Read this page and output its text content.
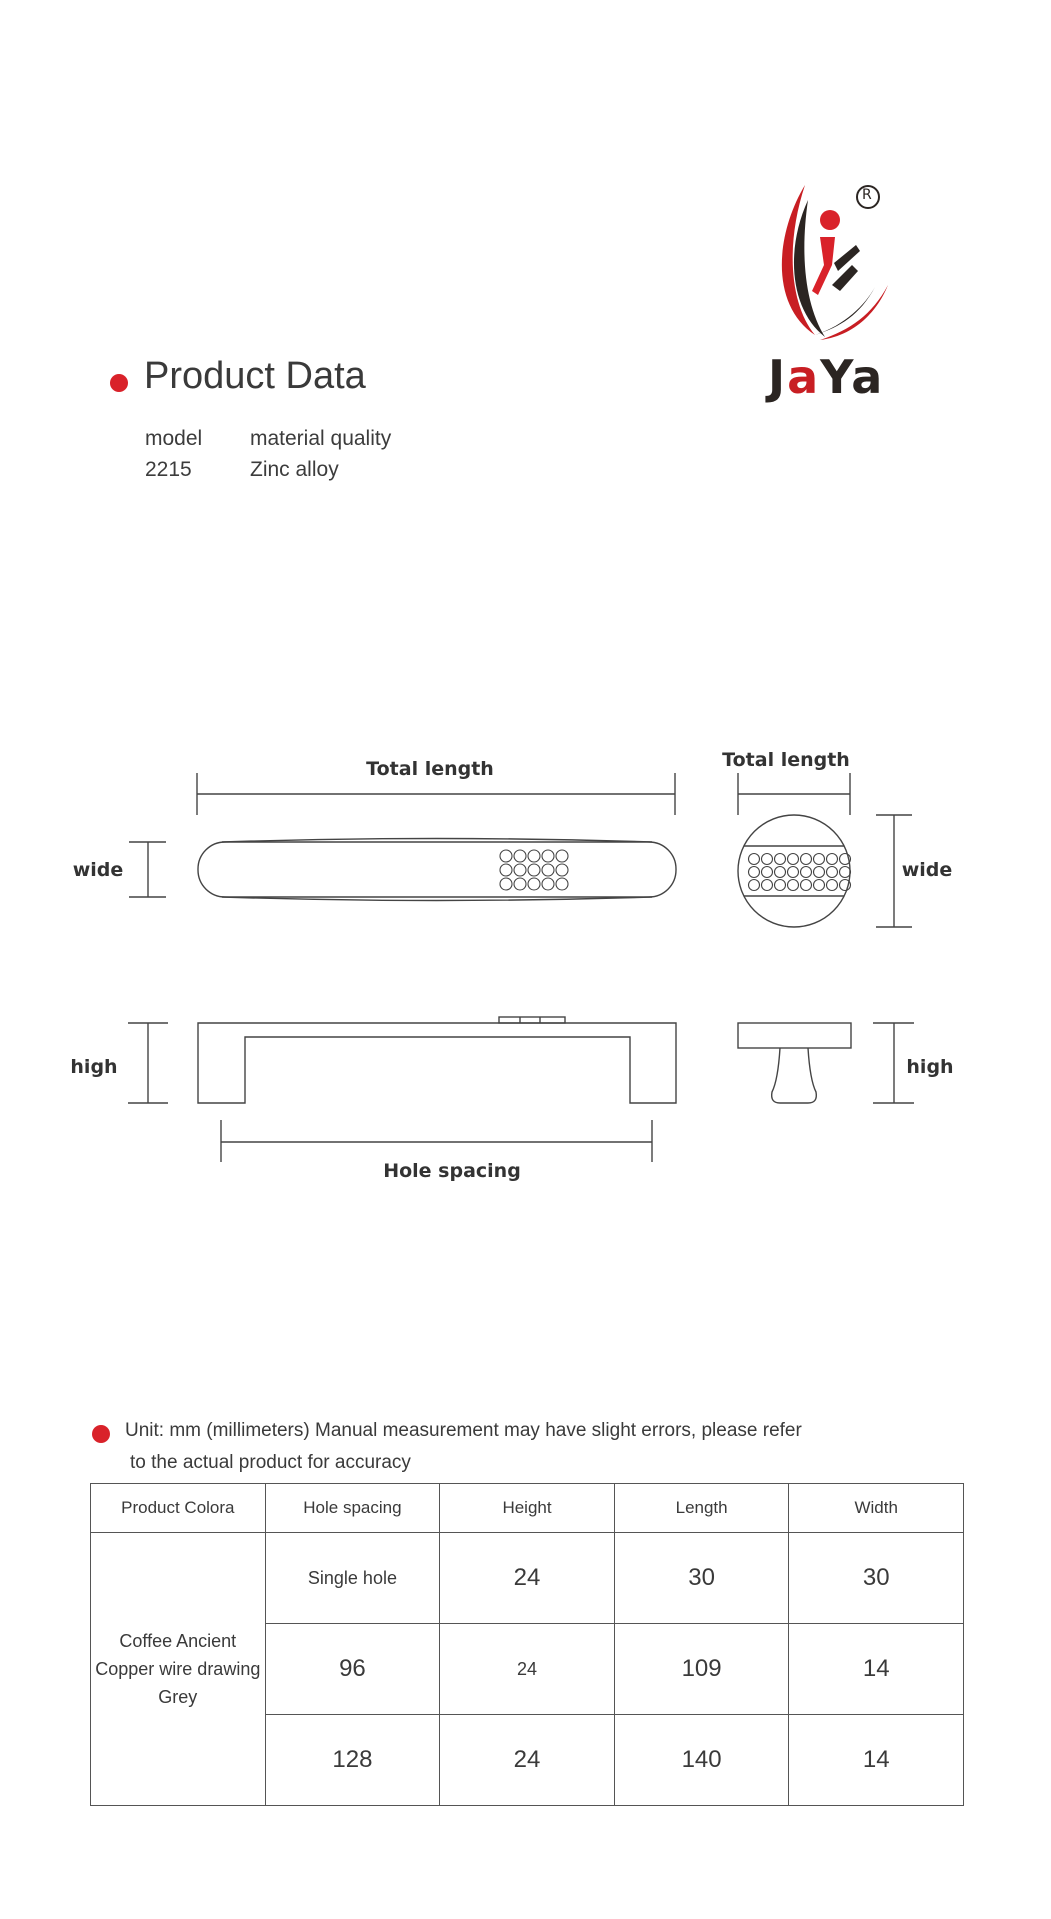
R
JaYa
Product Data
model material quality
2215	Zinc alloy
Total length	Total length
wide	wide
high	high
Hole spacing
Unit: mm (millimeters) Manual measurement may have slight errors, please refer
to the actual product for accuracy
Product Colora	Hole spacing	Height	Length	Width

Coffee Ancient
Copper wire drawing
Grey	Single hole	24	30	30
	96	24	109	14
	128	24	140	14
